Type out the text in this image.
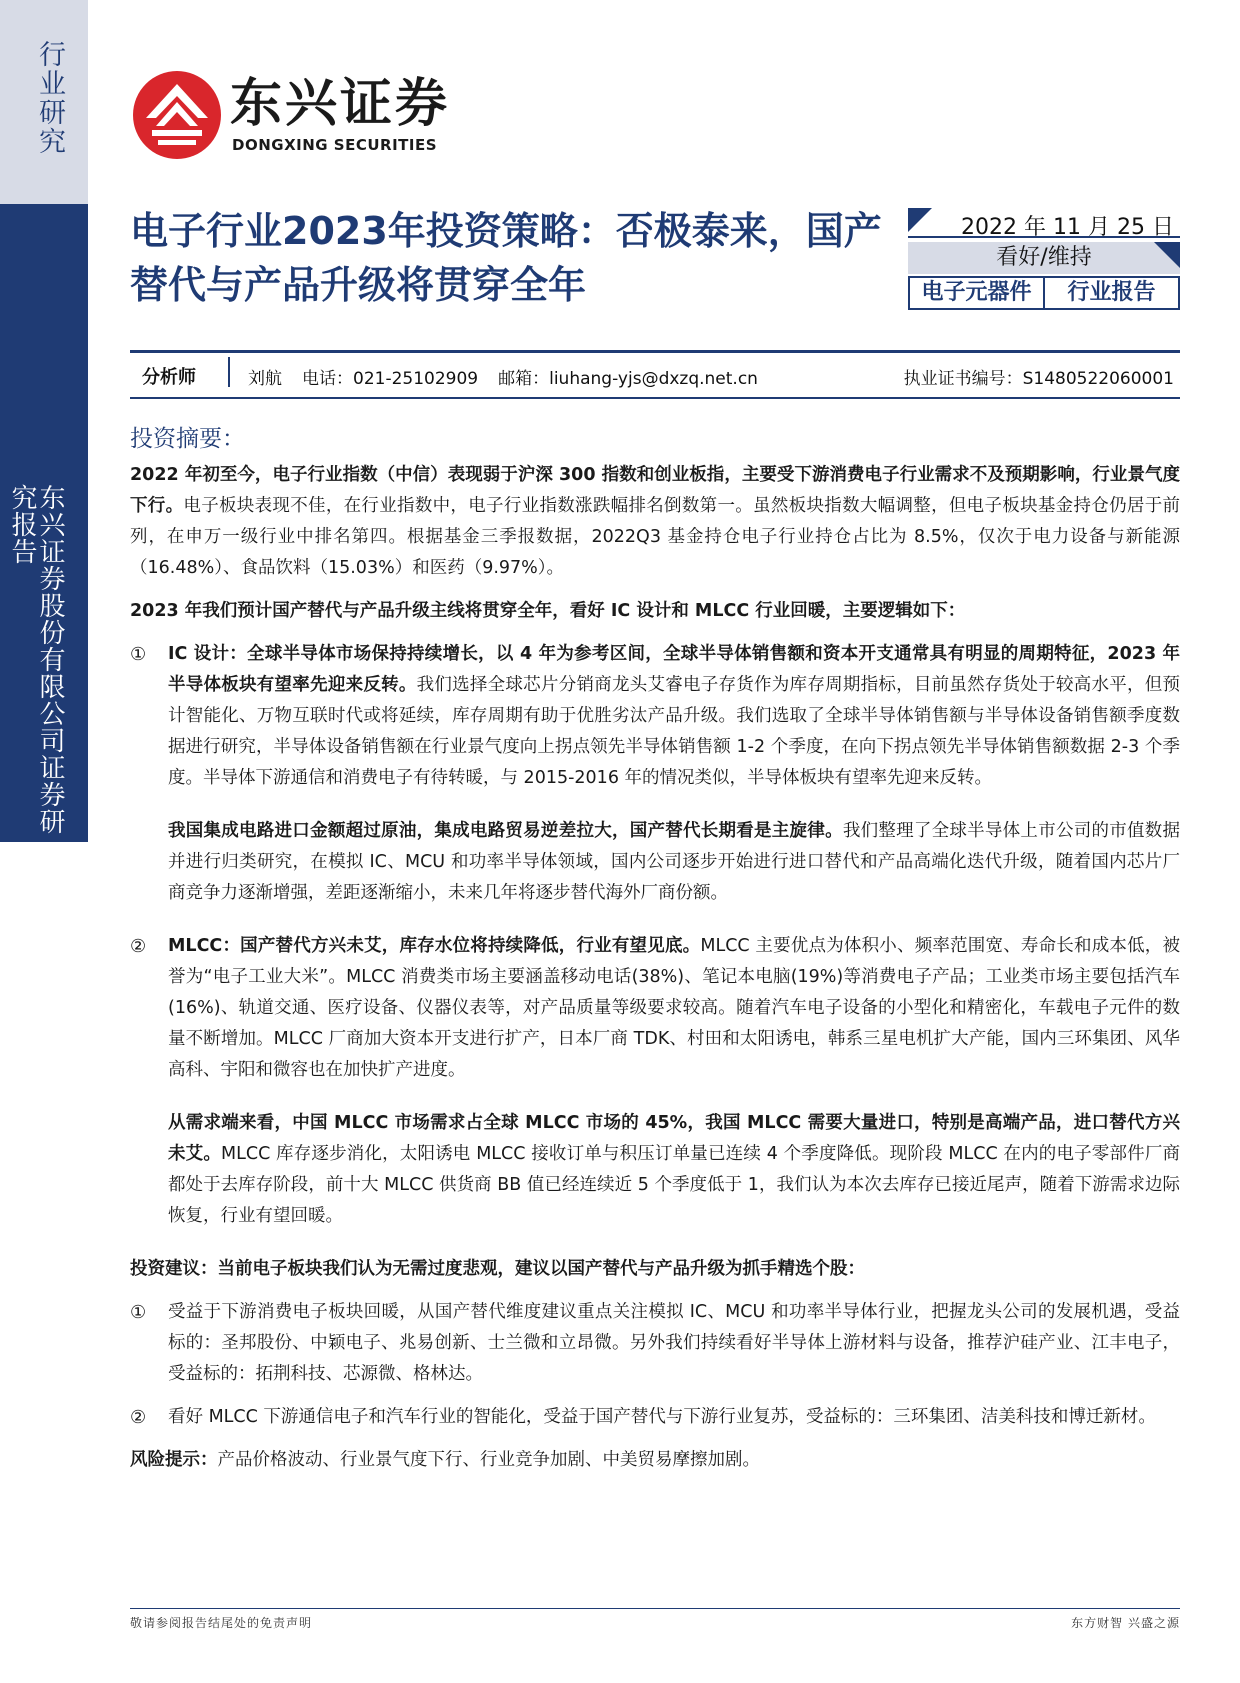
行业研究
东兴证券股份有限公司证券研究报告
东兴证券
DONGXING SECURITIES
电子行业2023年投资策略：否极泰来，国产替代与产品升级将贯穿全年
2022 年 11 月 25 日
看好/维持
电子元器件	行业报告
分析师	刘航 电话：021-25102909 邮箱：liuhang-yjs@dxzq.net.cn	执业证书编号：S1480522060001
投资摘要：

2022 年初至今，电子行业指数（中信）表现弱于沪深 300 指数和创业板指，主要受下游消费电子行业需求不及预期影响，行业景气度下行。电子板块表现不佳，在行业指数中，电子行业指数涨跌幅排名倒数第一。虽然板块指数大幅调整，但电子板块基金持仓仍居于前列，在申万一级行业中排名第四。根据基金三季报数据，2022Q3 基金持仓电子行业持仓占比为 8.5%，仅次于电力设备与新能源（16.48%）、食品饮料（15.03%）和医药（9.97%）。

2023 年我们预计国产替代与产品升级主线将贯穿全年，看好 IC 设计和 MLCC 行业回暖，主要逻辑如下：

①	IC 设计：全球半导体市场保持持续增长，以 4 年为参考区间，全球半导体销售额和资本开支通常具有明显的周期特征，2023 年半导体板块有望率先迎来反转。我们选择全球芯片分销商龙头艾睿电子存货作为库存周期指标，目前虽然存货处于较高水平，但预计智能化、万物互联时代或将延续，库存周期有助于优胜劣汰产品升级。我们选取了全球半导体销售额与半导体设备销售额季度数据进行研究，半导体设备销售额在行业景气度向上拐点领先半导体销售额 1-2 个季度，在向下拐点领先半导体销售额数据 2-3 个季度。半导体下游通信和消费电子有待转暖，与 2015-2016 年的情况类似，半导体板块有望率先迎来反转。

我国集成电路进口金额超过原油，集成电路贸易逆差拉大，国产替代长期看是主旋律。我们整理了全球半导体上市公司的市值数据并进行归类研究，在模拟 IC、MCU 和功率半导体领域，国内公司逐步开始进行进口替代和产品高端化迭代升级，随着国内芯片厂商竞争力逐渐增强，差距逐渐缩小，未来几年将逐步替代海外厂商份额。

②	MLCC：国产替代方兴未艾，库存水位将持续降低，行业有望见底。MLCC 主要优点为体积小、频率范围宽、寿命长和成本低，被誉为“电子工业大米”。MLCC 消费类市场主要涵盖移动电话(38%)、笔记本电脑(19%)等消费电子产品；工业类市场主要包括汽车(16%)、轨道交通、医疗设备、仪器仪表等，对产品质量等级要求较高。随着汽车电子设备的小型化和精密化，车载电子元件的数量不断增加。MLCC 厂商加大资本开支进行扩产，日本厂商 TDK、村田和太阳诱电，韩系三星电机扩大产能，国内三环集团、风华高科、宇阳和微容也在加快扩产进度。

从需求端来看，中国 MLCC 市场需求占全球 MLCC 市场的 45%，我国 MLCC 需要大量进口，特别是高端产品，进口替代方兴未艾。MLCC 库存逐步消化，太阳诱电 MLCC 接收订单与积压订单量已连续 4 个季度降低。现阶段 MLCC 在内的电子零部件厂商都处于去库存阶段，前十大 MLCC 供货商 BB 值已经连续近 5 个季度低于 1，我们认为本次去库存已接近尾声，随着下游需求边际恢复，行业有望回暖。

投资建议：当前电子板块我们认为无需过度悲观，建议以国产替代与产品升级为抓手精选个股：

①	受益于下游消费电子板块回暖，从国产替代维度建议重点关注模拟 IC、MCU 和功率半导体行业，把握龙头公司的发展机遇，受益标的：圣邦股份、中颖电子、兆易创新、士兰微和立昂微。另外我们持续看好半导体上游材料与设备，推荐沪硅产业、江丰电子，受益标的：拓荆科技、芯源微、格林达。
②	看好 MLCC 下游通信电子和汽车行业的智能化，受益于国产替代与下游行业复苏，受益标的：三环集团、洁美科技和博迁新材。

风险提示：产品价格波动、行业景气度下行、行业竞争加剧、中美贸易摩擦加剧。

敬请参阅报告结尾处的免责声明	东方财智 兴盛之源
